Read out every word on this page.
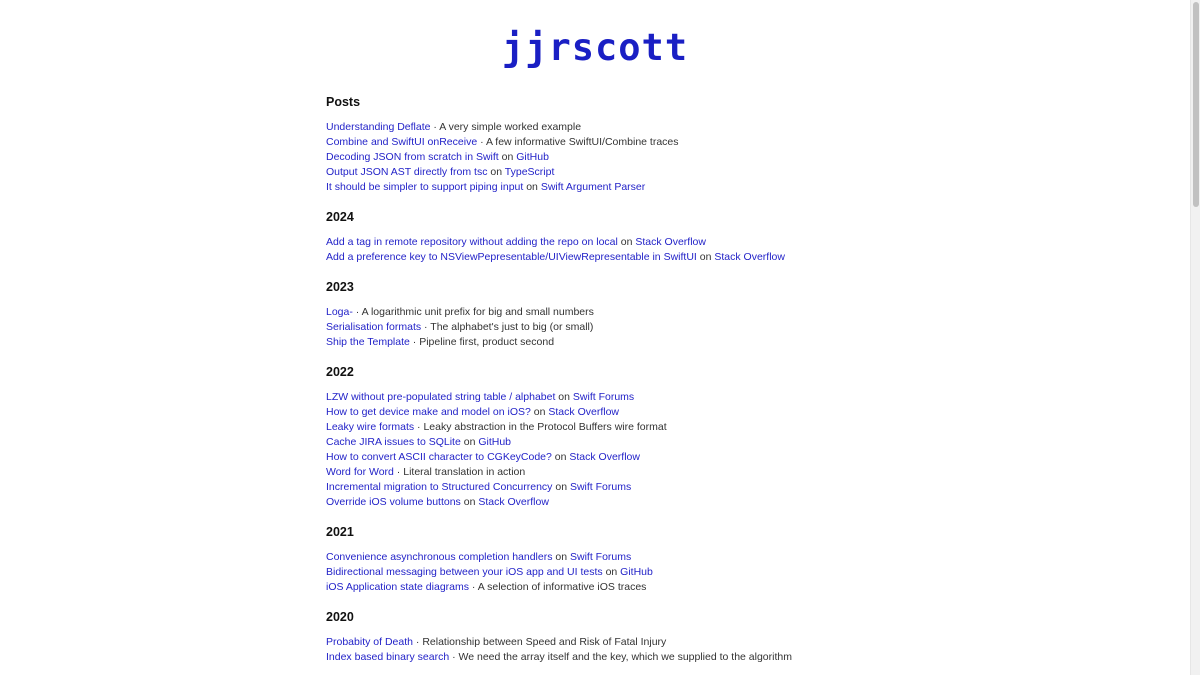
jjrscott
Posts
Understanding Deflate · A very simple worked example
Combine and SwiftUI onReceive · A few informative SwiftUI/Combine traces
Decoding JSON from scratch in Swift on GitHub
Output JSON AST directly from tsc on TypeScript
It should be simpler to support piping input on Swift Argument Parser
2024
Add a tag in remote repository without adding the repo on local on Stack Overflow
Add a preference key to NSViewPepresentable/UIViewRepresentable in SwiftUI on Stack Overflow
2023
Loga- · A logarithmic unit prefix for big and small numbers
Serialisation formats · The alphabet's just to big (or small)
Ship the Template · Pipeline first, product second
2022
LZW without pre-populated string table / alphabet on Swift Forums
How to get device make and model on iOS? on Stack Overflow
Leaky wire formats · Leaky abstraction in the Protocol Buffers wire format
Cache JIRA issues to SQLite on GitHub
How to convert ASCII character to CGKeyCode? on Stack Overflow
Word for Word · Literal translation in action
Incremental migration to Structured Concurrency on Swift Forums
Override iOS volume buttons on Stack Overflow
2021
Convenience asynchronous completion handlers on Swift Forums
Bidirectional messaging between your iOS app and UI tests on GitHub
iOS Application state diagrams · A selection of informative iOS traces
2020
Probabity of Death · Relationship between Speed and Risk of Fatal Injury
Index based binary search · We need the array itself and the key, which we supplied to the algorithm
